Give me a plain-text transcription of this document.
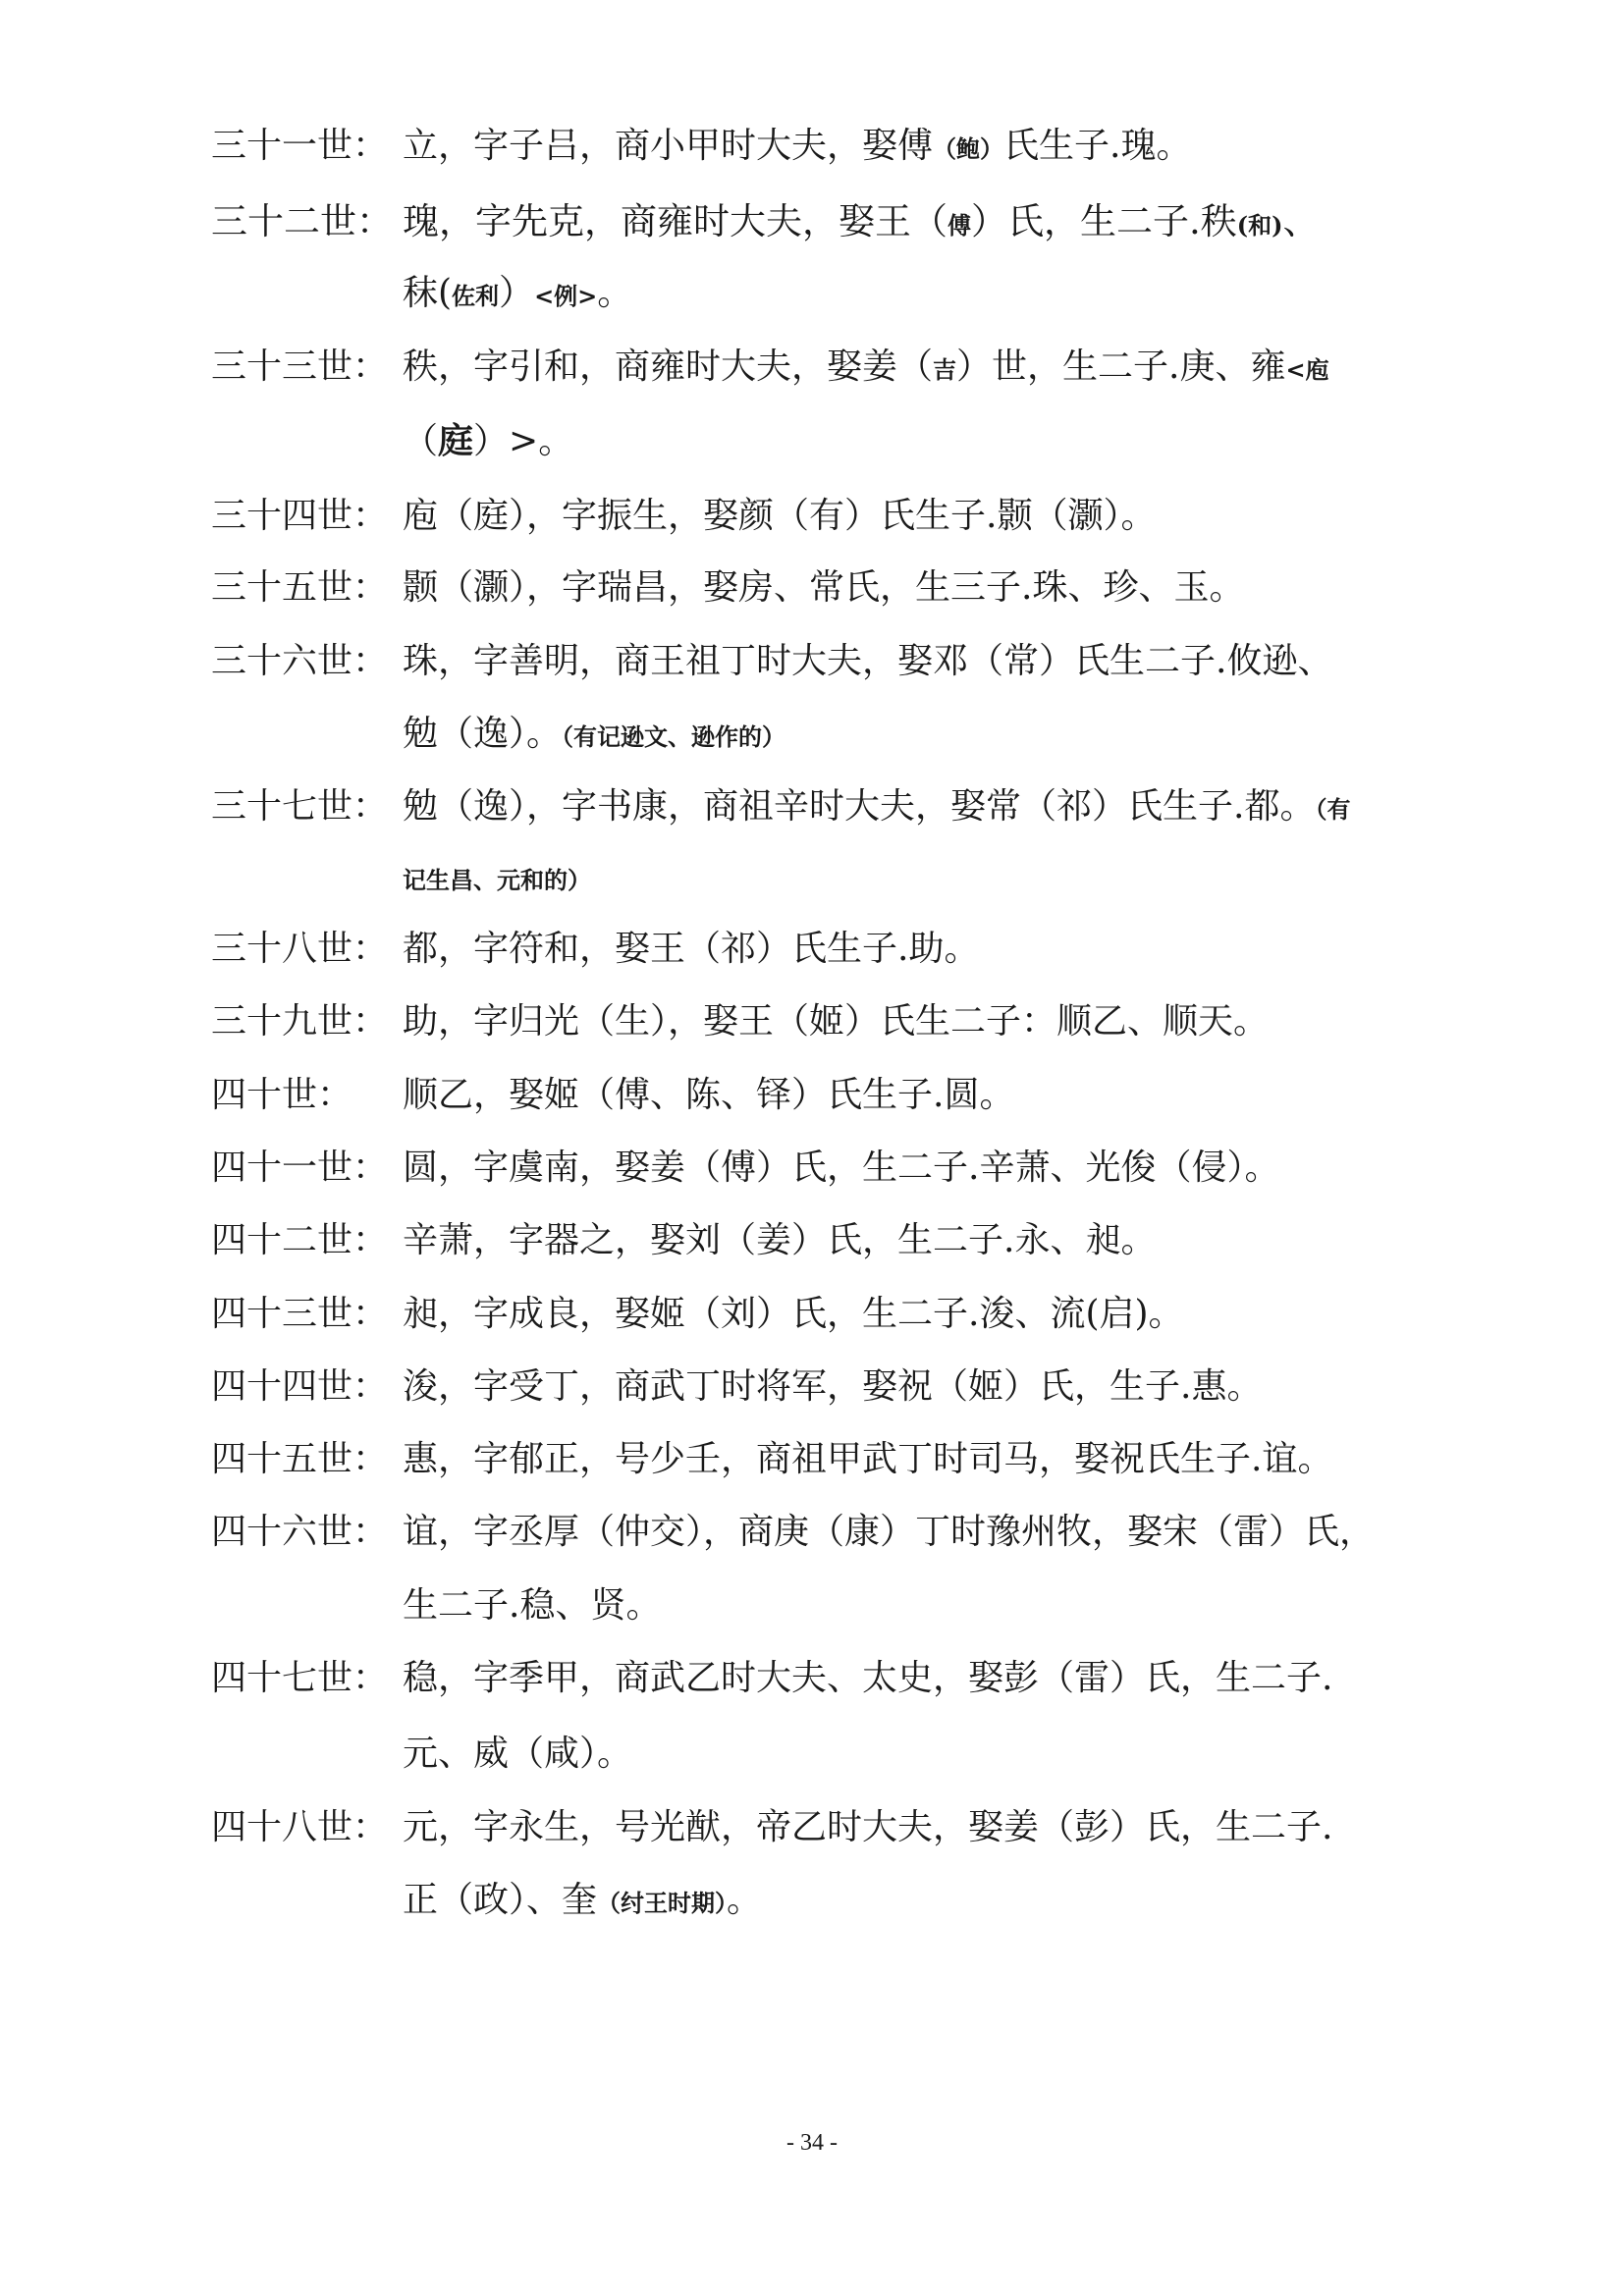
三十一世： 立，字子吕，商小甲时大夫，娶傅（鲍）氏生子.瑰。
三十二世： 瑰，字先克，商雍时大夫，娶王（傅）氏，生二子.秩(和)、
秣(佐利）<例>。
三十三世： 秩，字引和，商雍时大夫，娶姜（吉）世，生二子.庚、雍<庖
（庭）>。
三十四世： 庖（庭），字振生，娶颜（有）氏生子.颢（灏）。
三十五世： 颢（灏），字瑞昌，娶房、常氏，生三子.珠、珍、玉。
三十六世： 珠，字善明，商王祖丁时大夫，娶邓（常）氏生二子.攸逊、
勉（逸）。（有记逊文、逊作的）
三十七世： 勉（逸），字书康，商祖辛时大夫，娶常（祁）氏生子.都。（有
记生昌、元和的）
三十八世： 都，字符和，娶王（祁）氏生子.助。
三十九世： 助，字归光（生），娶王（姬）氏生二子：顺乙、顺天。
四十世： 顺乙，娶姬（傅、陈、铎）氏生子.圆。
四十一世： 圆，字虞南，娶姜（傅）氏，生二子.辛萧、光俊（侵）。
四十二世： 辛萧，字器之，娶刘（姜）氏，生二子.永、昶。
四十三世： 昶，字成良，娶姬（刘）氏，生二子.浚、流(启)。
四十四世： 浚，字受丁，商武丁时将军，娶祝（姬）氏，生子.惠。
四十五世： 惠，字郁正，号少壬，商祖甲武丁时司马，娶祝氏生子.谊。
四十六世： 谊，字丞厚（仲交），商庚（康）丁时豫州牧，娶宋（雷）氏，
生二子.稳、贤。
四十七世： 稳，字季甲，商武乙时大夫、太史，娶彭（雷）氏，生二子.
元、威（咸）。
四十八世： 元，字永生，号光猷，帝乙时大夫，娶姜（彭）氏，生二子.
正（政）、奎（纣王时期）。
- 34 -
